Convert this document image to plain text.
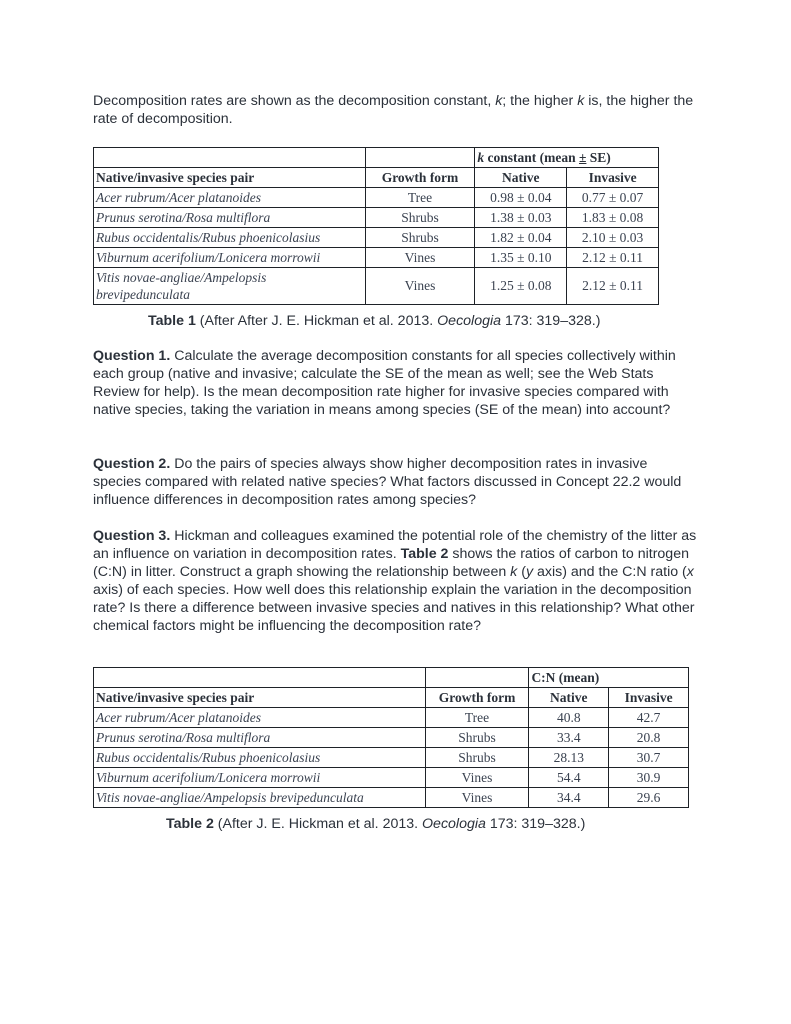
Decomposition rates are shown as the decomposition constant, k; the higher k is, the higher the rate of decomposition.

		k constant (mean ± SE)	
Native/invasive species pair	Growth form	Native	Invasive
Acer rubrum/Acer platanoides	Tree	0.98 ± 0.04	0.77 ± 0.07
Prunus serotina/Rosa multiflora	Shrubs	1.38 ± 0.03	1.83 ± 0.08
Rubus occidentalis/Rubus phoenicolasius	Shrubs	1.82 ± 0.04	2.10 ± 0.03
Viburnum acerifolium/Lonicera morrowii	Vines	1.35 ± 0.10	2.12 ± 0.11
Vitis novae-angliae/Ampelopsis brevipedunculata	Vines	1.25 ± 0.08	2.12 ± 0.11
Table 1 (After After J. E. Hickman et al. 2013. Oecologia 173: 319–328.)

Question 1. Calculate the average decomposition constants for all species collectively within each group (native and invasive; calculate the SE of the mean as well; see the Web Stats Review for help). Is the mean decomposition rate higher for invasive species compared with native species, taking the variation in means among species (SE of the mean) into account?

Question 2. Do the pairs of species always show higher decomposition rates in invasive species compared with related native species? What factors discussed in Concept 22.2 would influence differences in decomposition rates among species?

Question 3. Hickman and colleagues examined the potential role of the chemistry of the litter as an influence on variation in decomposition rates. Table 2 shows the ratios of carbon to nitrogen (C:N) in litter. Construct a graph showing the relationship between k (y axis) and the C:N ratio (x axis) of each species. How well does this relationship explain the variation in the decomposition rate? Is there a difference between invasive species and natives in this relationship? What other chemical factors might be influencing the decomposition rate?

		C:N (mean)	
Native/invasive species pair	Growth form	Native	Invasive
Acer rubrum/Acer platanoides	Tree	40.8	42.7
Prunus serotina/Rosa multiflora	Shrubs	33.4	20.8
Rubus occidentalis/Rubus phoenicolasius	Shrubs	28.13	30.7
Viburnum acerifolium/Lonicera morrowii	Vines	54.4	30.9
Vitis novae-angliae/Ampelopsis brevipedunculata	Vines	34.4	29.6
Table 2 (After J. E. Hickman et al. 2013. Oecologia 173: 319–328.)
